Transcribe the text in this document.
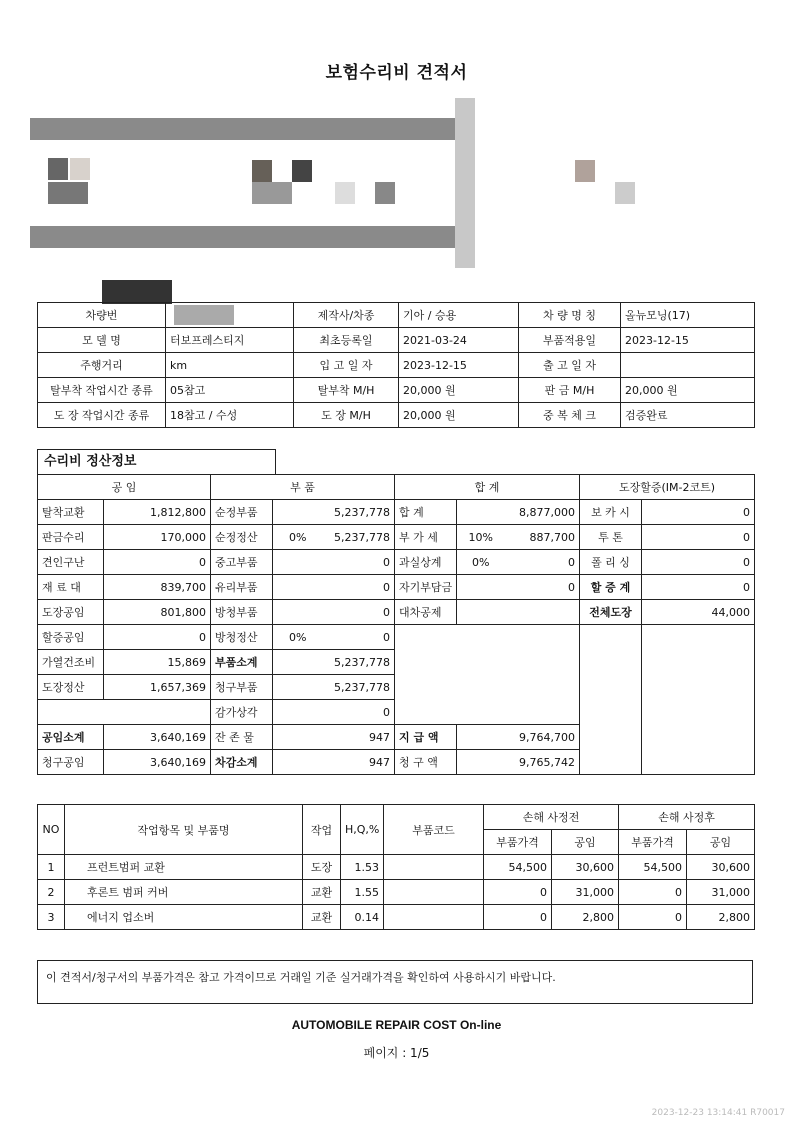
보험수리비 견적서
차량번		제작사/차종	기아 / 승용	차 량 명 칭	올뉴모닝(17)
모 델 명	터보프레스티지	최초등록일	2021-03-24	부품적용일	2023-12-15
주행거리	km	입 고 일 자	2023-12-15	출 고 일 자	
탈부착 작업시간 종류	05참고	탈부착 M/H	20,000 원	판 금 M/H	20,000 원
도 장 작업시간 종류	18참고 / 수성	도 장 M/H	20,000 원	중 복 체 크	검증완료
수리비 정산정보
공 임		부 품			합 계			도장할증(IM-2코트)	
탈착교환	1,812,800	순정부품	5,237,778		합 계	8,877,000		보 카 시	0
판금수리	170,000	순정정산	0%	5,237,778	부 가 세	10%	887,700	투 톤	0
견인구난	0	중고부품	0		과실상계	0%	0	폴 리 싱	0
재 료 대	839,700	유리부품	0		자기부담금	0		할 증 계	0
도장공임	801,800	방청부품	0		대차공제			전체도장	44,000
할증공임	0	방청정산	0%	0					
가열건조비	15,869	부품소계	5,237,778						
도장정산	1,657,369	청구부품	5,237,778						
		감가상각	0						
공임소계	3,640,169	잔 존 물	947		지 급 액	9,764,700			
청구공임	3,640,169	차감소계	947		청 구 액	9,765,742			
NO	작업항목 및 부품명	작업	H,Q,%	부품코드	손해 사정전		손해 사정후	
					부품가격	공임	부품가격	공임
1	프런트범퍼 교환	도장	1.53		54,500	30,600	54,500	30,600
2	후론트 범퍼 커버	교환	1.55		0	31,000	0	31,000
3	에너지 업소버	교환	0.14		0	2,800	0	2,800
이 견적서/청구서의 부품가격은 참고 가격이므로 거래일 기준 실거래가격을 확인하여 사용하시기 바랍니다.
AUTOMOBILE REPAIR COST On-line
페이지 : 1/5
2023-12-23 13:14:41 R70017
